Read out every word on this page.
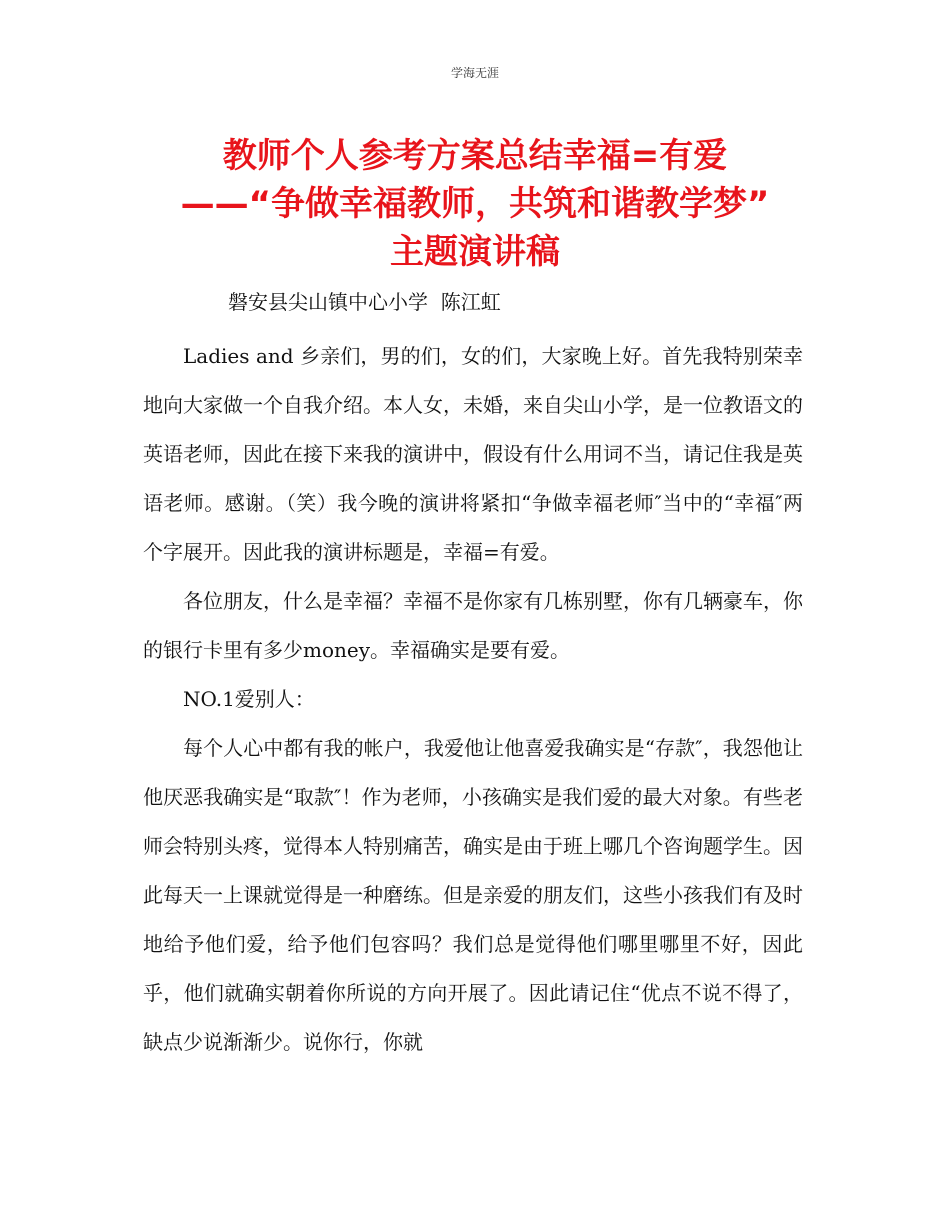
学海无涯
教师个人参考方案总结幸福=有爱
——“争做幸福教师，共筑和谐教学梦”
主题演讲稿
磐安县尖山镇中心小学  陈江虹

Ladies and 乡亲们，男的们，女的们，大家晚上好。首先我特别荣幸地向大家做一个自我介绍。本人女，未婚，来自尖山小学，是一位教语文的英语老师，因此在接下来我的演讲中，假设有什么用词不当，请记住我是英语老师。感谢。（笑）我今晚的演讲将紧扣“争做幸福老师″当中的“幸福″两个字展开。因此我的演讲标题是，幸福=有爱。

各位朋友，什么是幸福？幸福不是你家有几栋别墅，你有几辆豪车，你的银行卡里有多少money。幸福确实是要有爱。

NO.1爱别人：

每个人心中都有我的帐户，我爱他让他喜爱我确实是“存款″，我怨他让他厌恶我确实是“取款″！作为老师，小孩确实是我们爱的最大对象。有些老师会特别头疼，觉得本人特别痛苦，确实是由于班上哪几个咨询题学生。因此每天一上课就觉得是一种磨练。但是亲爱的朋友们，这些小孩我们有及时地给予他们爱，给予他们包容吗？我们总是觉得他们哪里哪里不好，因此乎，他们就确实朝着你所说的方向开展了。因此请记住“优点不说不得了，缺点少说渐渐少。说你行，你就
